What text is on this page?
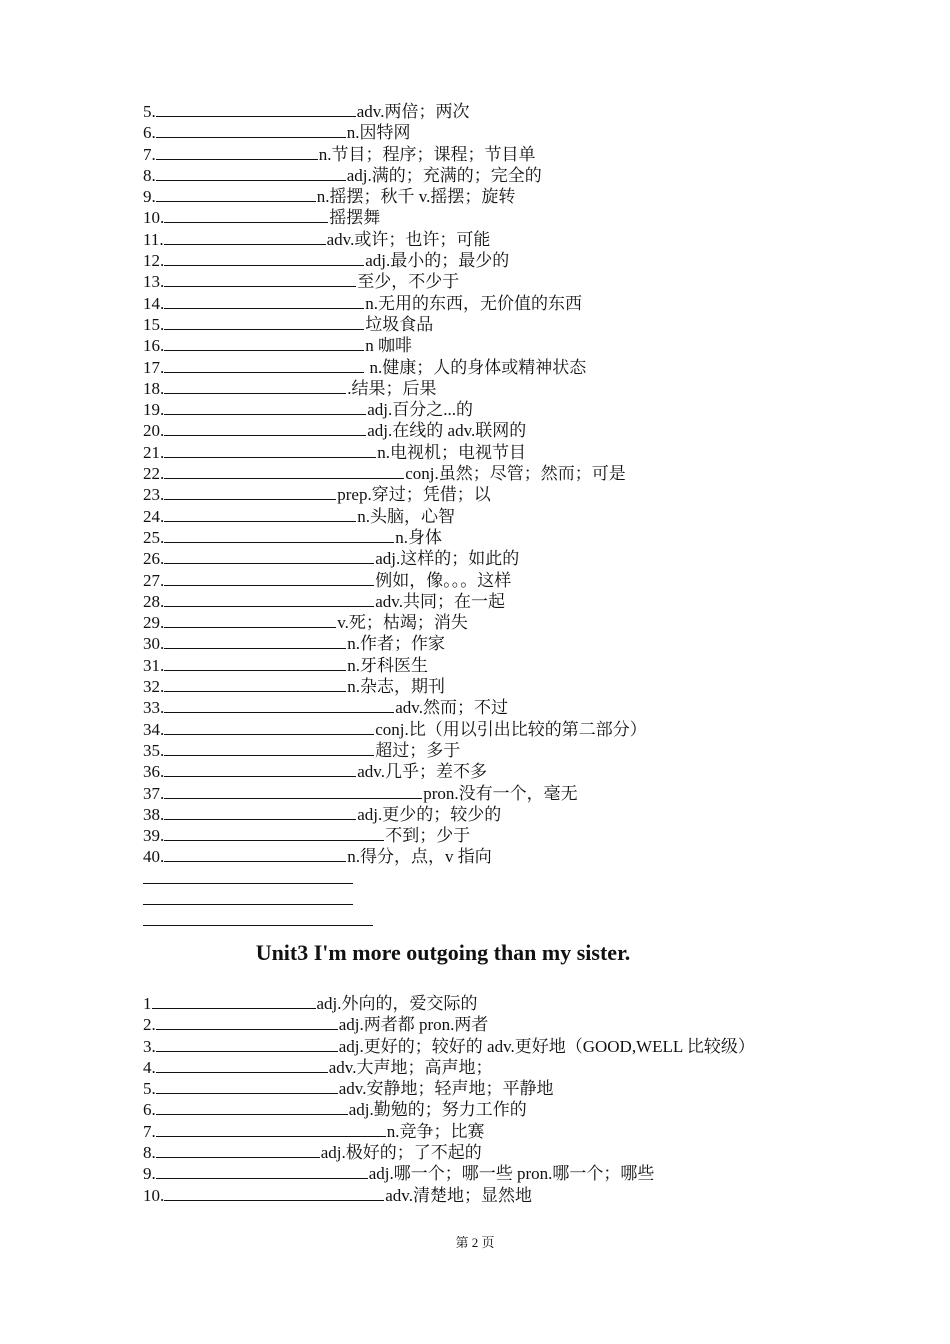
5.	adv.两倍；两次
6.	n.因特网
7.	n.节目；程序；课程；节目单
8.	adj.满的；充满的；完全的
9.	n.摇摆；秋千 v.摇摆；旋转
10.	摇摆舞
11.	adv.或许；也许；可能
12.	adj.最小的；最少的
13.	至少，不少于
14.	n.无用的东西，无价值的东西
15.	垃圾食品
16.	n 咖啡
17.	n.健康；人的身体或精神状态
18.	.结果；后果
19.	adj.百分之...的
20.	adj.在线的 adv.联网的
21.	n.电视机；电视节目
22.	conj.虽然；尽管；然而；可是
23.	prep.穿过；凭借；以
24.	n.头脑，心智
25.	n.身体
26.	adj.这样的；如此的
27.	例如，像。。。这样
28.	adv.共同；在一起
29.	v.死；枯竭；消失
30.	n.作者；作家
31.	n.牙科医生
32.	n.杂志，期刊
33.	adv.然而；不过
34.	conj.比（用以引出比较的第二部分）
35.	超过；多于
36.	adv.几乎；差不多
37.	pron.没有一个，毫无
38.	adj.更少的；较少的
39.	不到；少于
40.	n.得分，点，v 指向
Unit3 I'm more outgoing than my sister.
1	adj.外向的，爱交际的
2.	adj.两者都 pron.两者
3.	adj.更好的；较好的 adv.更好地（GOOD,WELL 比较级）
4.	adv.大声地；高声地；
5.	adv.安静地；轻声地；平静地
6.	adj.勤勉的；努力工作的
7.	n.竞争；比赛
8.	adj.极好的；了不起的
9.	adj.哪一个；哪一些 pron.哪一个；哪些
10.	adv.清楚地；显然地
第 2 页
